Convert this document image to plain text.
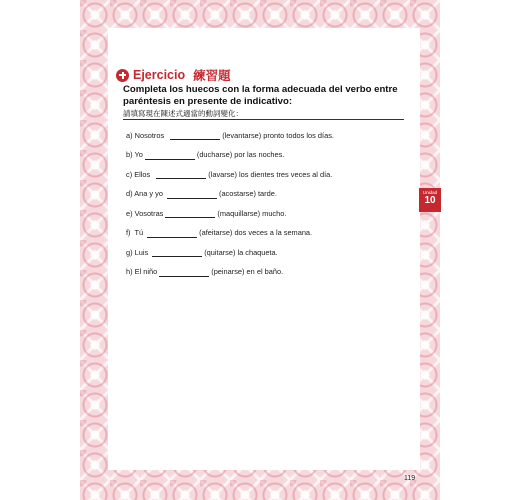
Ejercicio 練習題
Completa los huecos con la forma adecuada del verbo entre paréntesis en presente de indicativo:
請填寫現在陳述式適當的動詞變化：
a) Nosotros	(levantarse) pronto todos los días.
b) Yo	(ducharse) por las noches.
c) Ellos	(lavarse) los dientes tres veces al día.
d) Ana y yo	(acostarse) tarde.
e) Vosotras	(maquillarse) mucho.
f)  Tú	(afeitarse) dos veces a la semana.
g) Luis	(quitarse) la chaqueta.
h) El niño	(peinarse) en el baño.
Unidad
10
119
